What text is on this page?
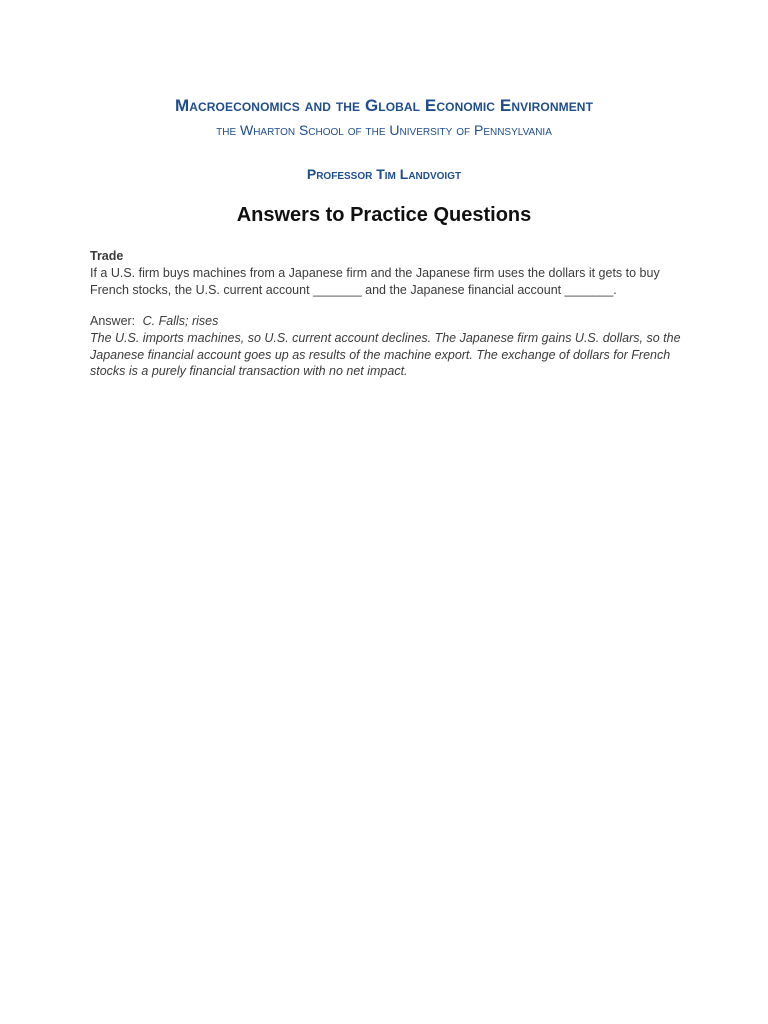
Macroeconomics and the Global Economic Environment
the Wharton School of the University of Pennsylvania
Professor Tim Landvoigt
Answers to Practice Questions
Trade
If a U.S. firm buys machines from a Japanese firm and the Japanese firm uses the dollars it gets to buy French stocks, the U.S. current account _______ and the Japanese financial account _______.
Answer: C. Falls; rises
The U.S. imports machines, so U.S. current account declines. The Japanese firm gains U.S. dollars, so the Japanese financial account goes up as results of the machine export. The exchange of dollars for French stocks is a purely financial transaction with no net impact.
